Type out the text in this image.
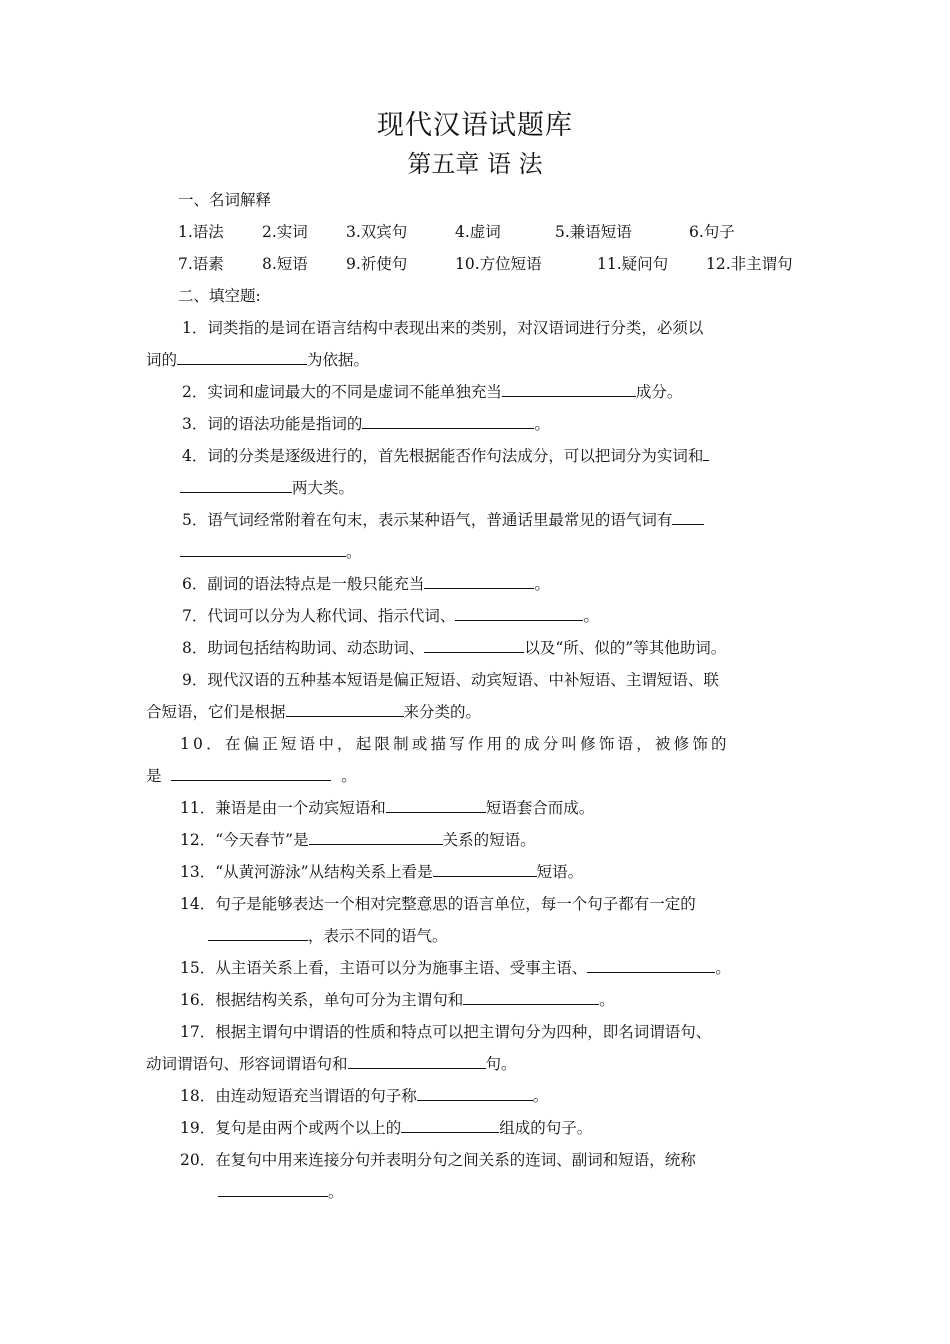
现代汉语试题库
第五章 语 法
一、名词解释
1.语法 2.实词 3.双宾句	4.虚词	5.兼语短语	6.句子
7.语素 8.短语 9.祈使句	10.方位短语	11.疑问句 12.非主谓句
二、填空题:
1．词类指的是词在语言结构中表现出来的类别，对汉语词进行分类，必须以
词的	为依据。
2．实词和虚词最大的不同是虚词不能单独充当	成分。
3．词的语法功能是指词的	。
4．词的分类是逐级进行的，首先根据能否作句法成分，可以把词分为实词和
两大类。
5．语气词经常附着在句末，表示某种语气，普通话里最常见的语气词有
。
6．副词的语法特点是一般只能充当	。
7．代词可以分为人称代词、指示代词、	。
8．助词包括结构助词、动态助词、	以及“所、似的”等其他助词。
9．现代汉语的五种基本短语是偏正短语、动宾短语、中补短语、主谓短语、联
合短语，它们是根据	来分类的。
10．在偏正短语中，起限制或描写作用的成分叫修饰语，被修饰的
是	。
11．兼语是由一个动宾短语和	短语套合而成。
12．“今天春节”是	关系的短语。
13．“从黄河游泳”从结构关系上看是	短语。
14．句子是能够表达一个相对完整意思的语言单位，每一个句子都有一定的
，表示不同的语气。
15．从主语关系上看，主语可以分为施事主语、受事主语、	。
16．根据结构关系，单句可分为主谓句和	。
17．根据主谓句中谓语的性质和特点可以把主谓句分为四种，即名词谓语句、
动词谓语句、形容词谓语句和	句。
18．由连动短语充当谓语的句子称	。
19．复句是由两个或两个以上的	组成的句子。
20．在复句中用来连接分句并表明分句之间关系的连词、副词和短语，统称
。
